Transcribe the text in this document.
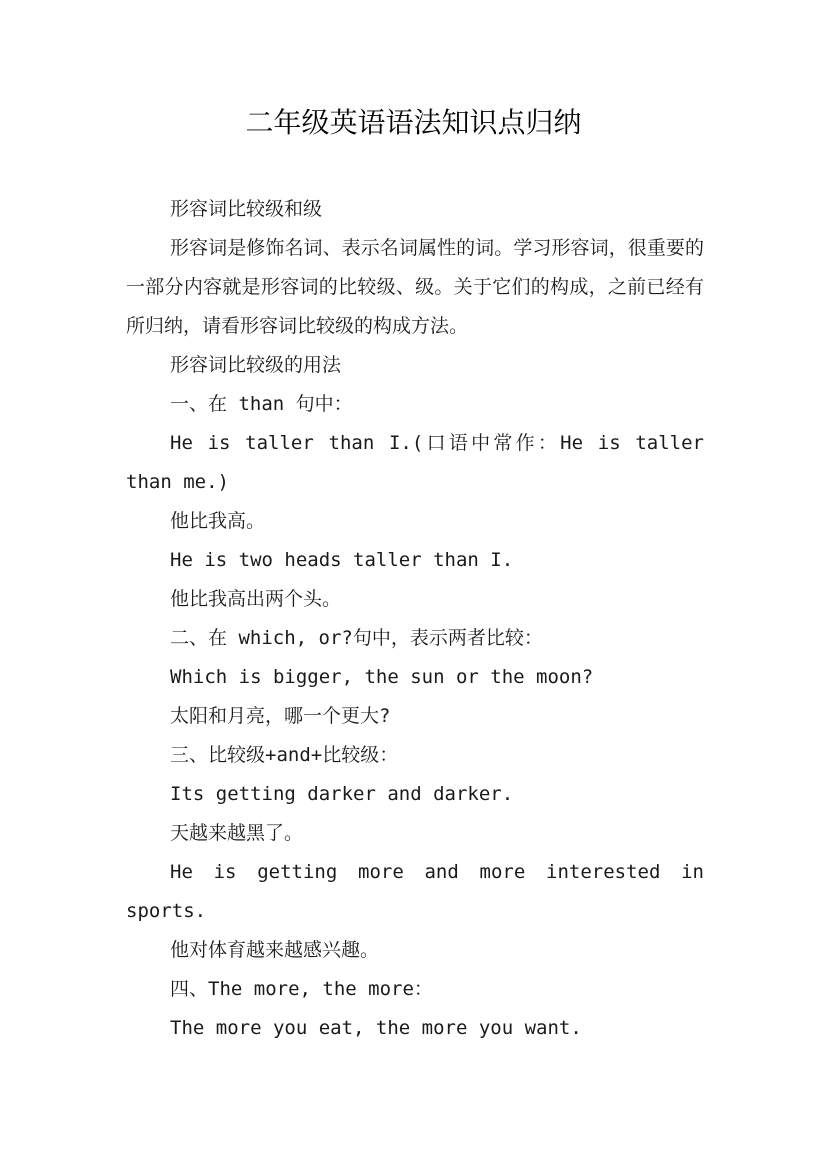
二年级英语语法知识点归纳

形容词比较级和级

形容词是修饰名词、表示名词属性的词。学习形容词，很重要的一部分内容就是形容词的比较级、级。关于它们的构成，之前已经有所归纳，请看形容词比较级的构成方法。

形容词比较级的用法

一、在 than 句中：

He is taller than I.(口语中常作：He is taller than me.)

他比我高。

He is two heads taller than I.

他比我高出两个头。

二、在 which, or?句中，表示两者比较：

Which is bigger, the sun or the moon?

太阳和月亮，哪一个更大?

三、比较级+and+比较级：

Its getting darker and darker.

天越来越黑了。

He is getting more and more interested in sports.

他对体育越来越感兴趣。

四、The more, the more：

The more you eat, the more you want.
